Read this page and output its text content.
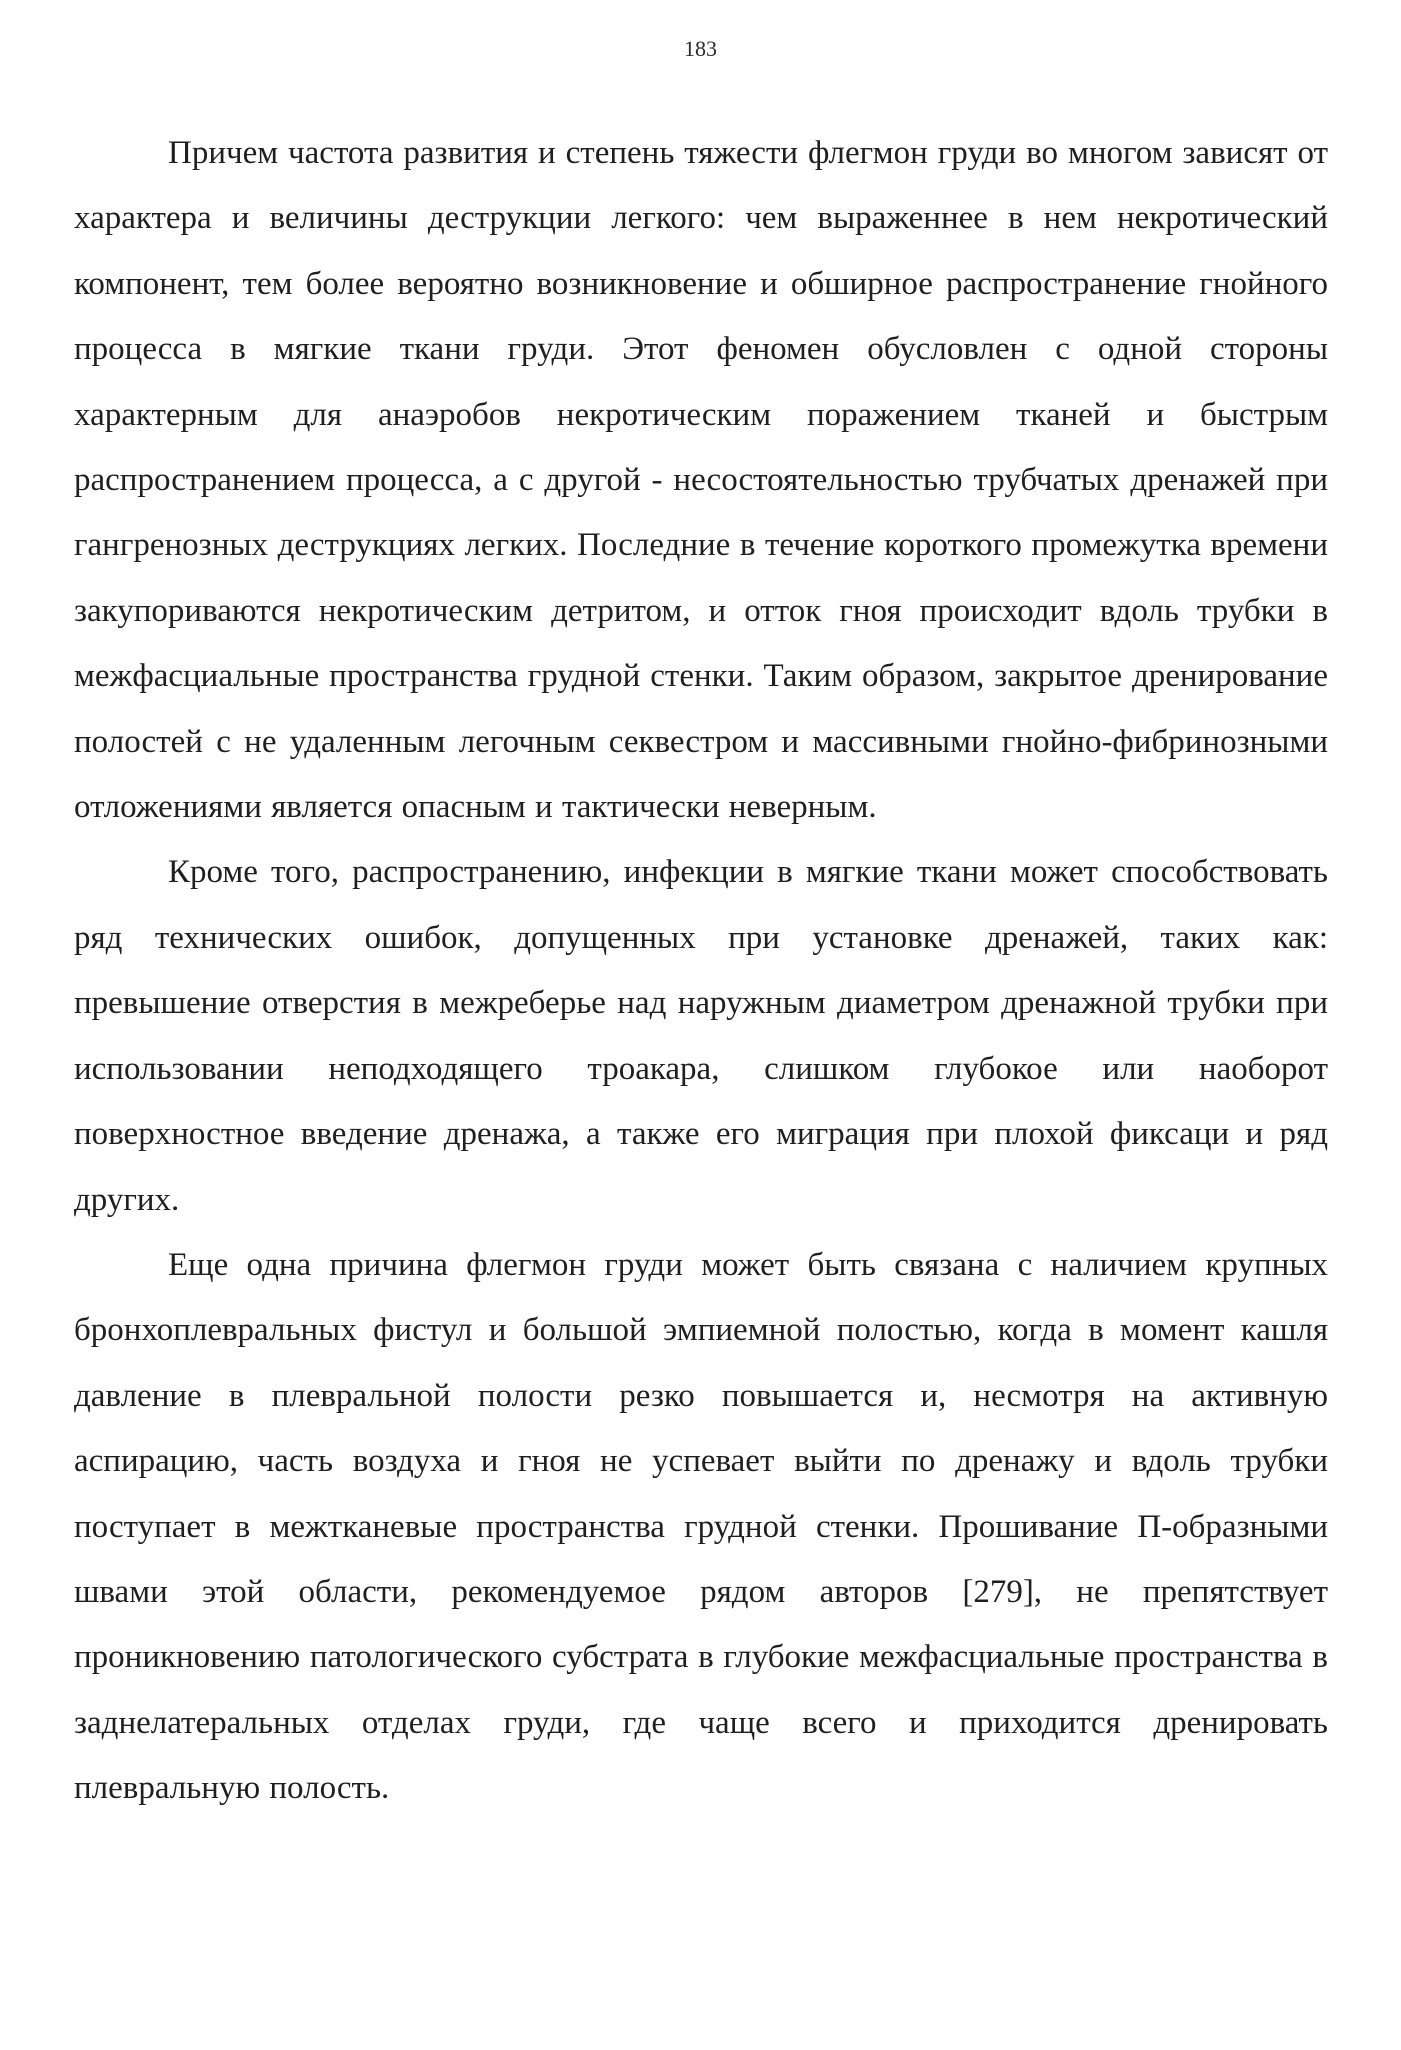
183

Причем частота развития и степень тяжести флегмон груди во многом зависят от характера и величины деструкции легкого: чем выраженнее в нем некротический компонент, тем более вероятно возникновение и обширное распространение гнойного процесса в мягкие ткани груди. Этот феномен обусловлен с одной стороны характерным для анаэробов некротическим поражением тканей и быстрым распространением процесса, а с другой - несостоятельностью трубчатых дренажей при гангренозных деструкциях легких. Последние в течение короткого промежутка времени закупориваются некротическим детритом, и отток гноя происходит вдоль трубки в межфасциальные пространства грудной стенки. Таким образом, закрытое дренирование полостей с не удаленным легочным секвестром и массивными гнойно-фибринозными отложениями является опасным и тактически неверным.

Кроме того, распространению, инфекции в мягкие ткани может способствовать ряд технических ошибок, допущенных при установке дренажей, таких как: превышение отверстия в межреберье над наружным диаметром дренажной трубки при использовании неподходящего троакара, слишком глубокое или наоборот поверхностное введение дренажа, а также его миграция при плохой фиксаци и ряд других.

Еще одна причина флегмон груди может быть связана с наличием крупных бронхоплевральных фистул и большой эмпиемной полостью, когда в момент кашля давление в плевральной полости резко повышается и, несмотря на активную аспирацию, часть воздуха и гноя не успевает выйти по дренажу и вдоль трубки поступает в межтканевые пространства грудной стенки. Прошивание П-образными швами этой области, рекомендуемое рядом авторов [279], не препятствует проникновению патологического субстрата в глубокие межфасциальные пространства в заднелатеральных отделах груди, где чаще всего и приходится дренировать плевральную полость.
